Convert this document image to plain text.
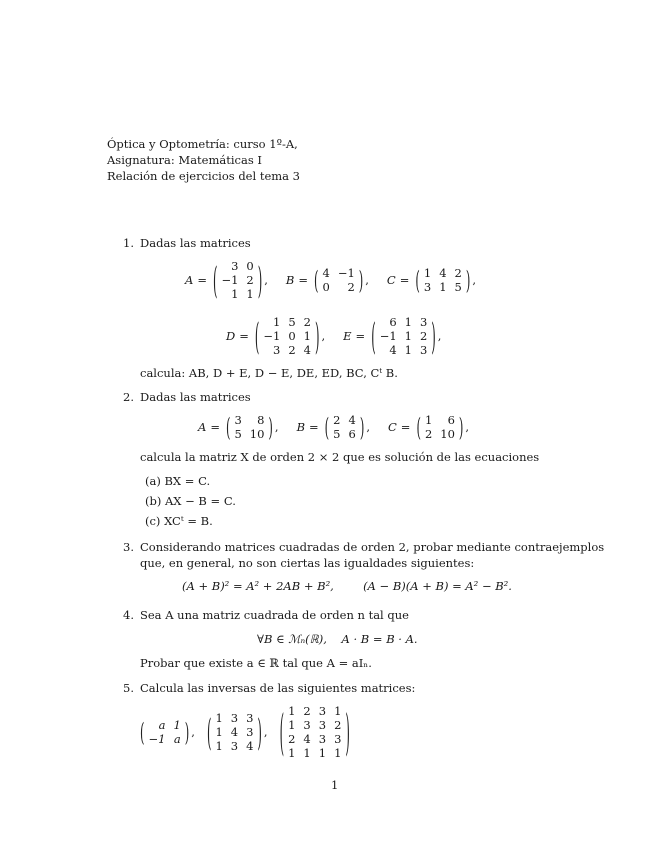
Óptica y Optometría: curso 1º-A,
Asignatura: Matemáticas I
Relación de ejercicios del tema 3
1. Dadas las matrices
A = ( 3	0
−1	2
1	1 ) , B = ( 4	−1
0	2 ) , C = ( 1	4	2
3	1	5 ) ,
D = ( 1	5	2
−1	0	1
3	2	4 ) , E = ( 6	1	3
−1	1	2
4	1	3 ) ,
calcula: AB, D + E, D − E, DE, ED, BC, Cᵗ B.
2. Dadas las matrices
A = ( 3	8
5	10 ) , B = ( 2	4
5	6 ) , C = ( 1	6
2	10 ) ,
calcula la matriz X de orden 2 × 2 que es solución de las ecuaciones
(a) BX = C.
(b) AX − B = C.
(c) XCᵗ = B.
3. Considerando matrices cuadradas de orden 2, probar mediante contraejemplos
que, en general, no son ciertas las igualdades siguientes:
(A + B)² = A² + 2AB + B²,        (A − B)(A + B) = A² − B².
4. Sea A una matriz cuadrada de orden n tal que
∀B ∈ ℳₙ(ℝ),    A · B = B · A.
Probar que existe a ∈ ℝ tal que A = aIₙ.
5. Calcula las inversas de las siguientes matrices:
( a	1
−1	a ) , ( 1	3	3
1	4	3
1	3	4 ) , ( 1	2	3	1
1	3	3	2
2	4	3	3
1	1	1	1 )
1
